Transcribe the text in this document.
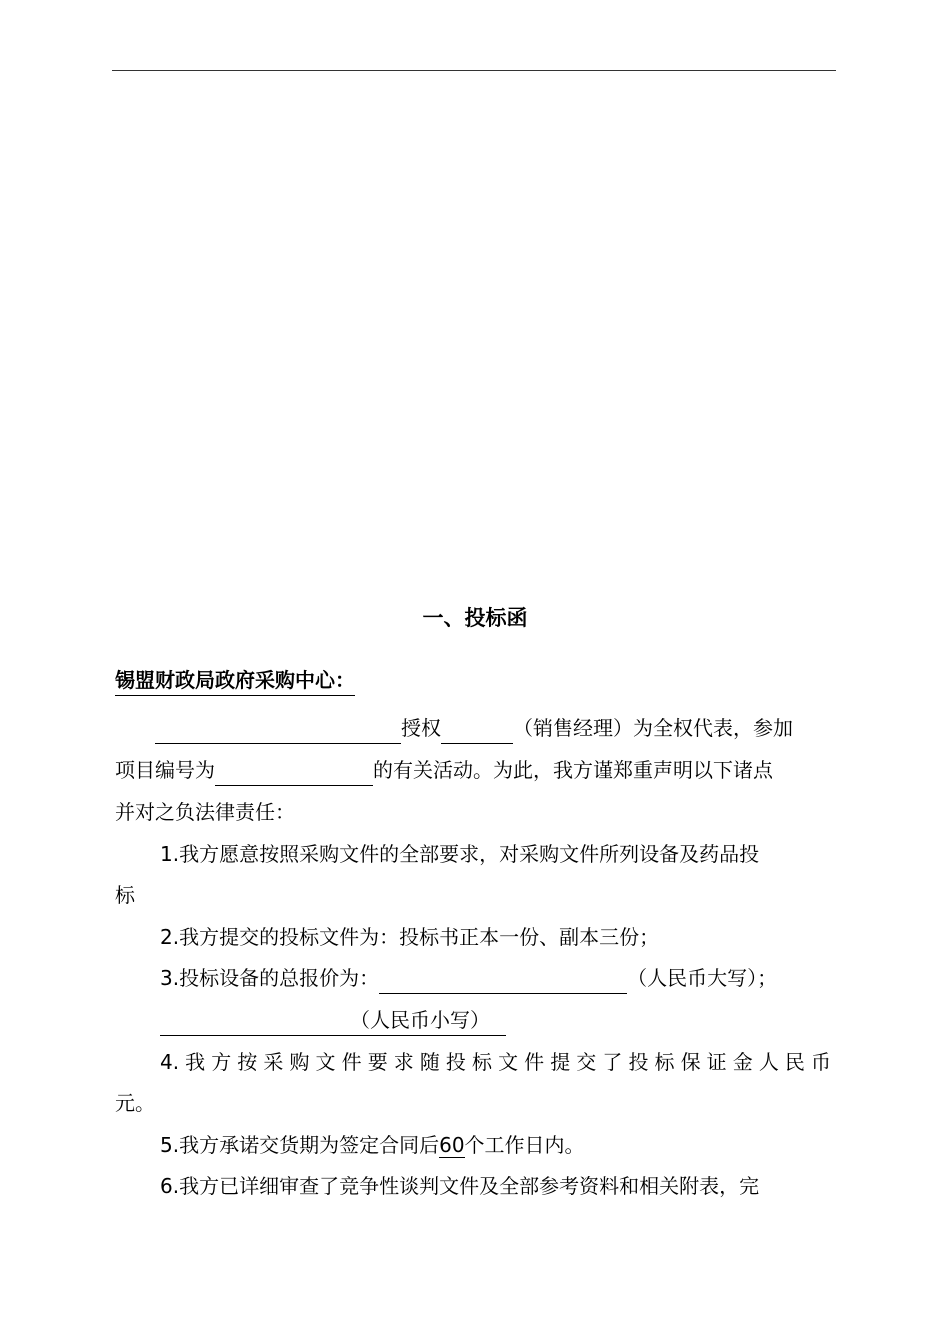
一、投标函
锡盟财政局政府采购中心：
授权	（销售经理）为全权代表，参加
项目编号为	的有关活动。为此，我方谨郑重声明以下诸点
并对之负法律责任：
1.我方愿意按照采购文件的全部要求，对采购文件所列设备及药品投
标
2.我方提交的投标文件为：投标书正本一份、副本三份；
3.投标设备的总报价为：	（人民币大写）；
（人民币小写）
4.我方按采购文件要求随投标文件提交了投标保证金人民币
元。
5.我方承诺交货期为签定合同后60个工作日内。
6.我方已详细审查了竞争性谈判文件及全部参考资料和相关附表，完
